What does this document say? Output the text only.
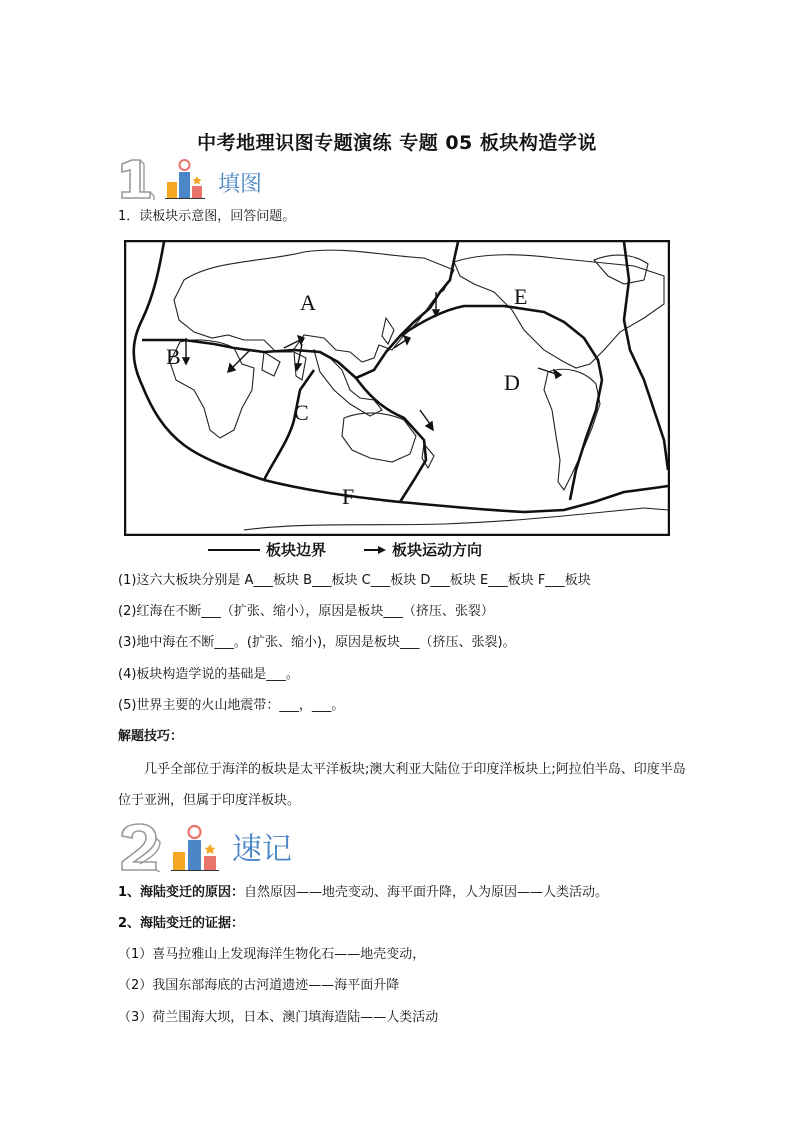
中考地理识图专题演练 专题 05 板块构造学说
填图
1．读板块示意图，回答问题。
A
B
C
D
E
F
板块边界	板块运动方向
(1)这六大板块分别是 A___板块 B___板块 C___板块 D___板块 E___板块 F___板块
(2)红海在不断___（扩张、缩小），原因是板块___（挤压、张裂）
(3)地中海在不断___。(扩张、缩小)，原因是板块___（挤压、张裂)。
(4)板块构造学说的基础是___。
(5)世界主要的火山地震带：___，___。
解题技巧：
几乎全部位于海洋的板块是太平洋板块;澳大利亚大陆位于印度洋板块上;阿拉伯半岛、印度半岛位于亚洲，但属于印度洋板块。
速记
1、海陆变迁的原因：自然原因——地壳变动、海平面升降，人为原因——人类活动。
2、海陆变迁的证据：
（1）喜马拉雅山上发现海洋生物化石——地壳变动，
（2）我国东部海底的古河道遗迹——海平面升降
（3）荷兰围海大坝，日本、澳门填海造陆——人类活动
